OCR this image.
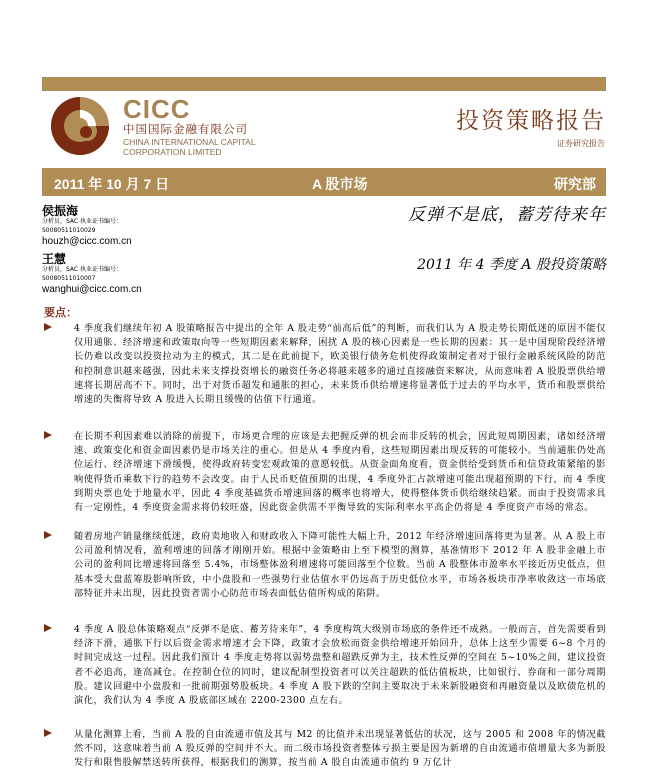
CICC
中国国际金融有限公司
CHINA INTERNATIONAL CAPITAL
CORPORATION LIMITED
投资策略报告
证券研究报告
2011 年 10 月 7 日	A 股市场	研究部
侯振海
分析员，SAC 执业证书编号：
S0080511010029
houzh@cicc.com.cn
王慧
分析员，SAC 执业证书编号：
S0080511010007
wanghui@cicc.com.cn
反弹不是底，蓄芳待来年
2011 年 4 季度 A 股投资策略
要点：
4 季度我们继续年初 A 股策略报告中提出的全年 A 股走势“前高后低”的判断，而我们认为 A 股走势长期低迷的原因不能仅仅用通胀、经济增速和政策取向等一些短期因素来解释，困扰 A 股的核心因素是一些长期的因素：其一是中国现阶段经济增长仍难以改变以投资拉动为主的模式，其二是在此前提下，欧美银行债务危机使得政策制定者对于银行金融系统风险的防范和控制意识越来越强，因此未来支撑投资增长的融资任务必将越来越多的通过直接融资来解决，从而意味着 A 股股票供给增速将长期居高不下。同时，出于对货币超发和通胀的担心，未来货币供给增速将显著低于过去的平均水平，货币和股票供给增速的失衡将导致 A 股进入长期且缓慢的估值下行通道。
在长期不利因素难以消除的前提下，市场更合理的应该是去把握反弹的机会而非反转的机会，因此短周期因素，诸如经济增速、政策变化和资金面因素仍是市场关注的重心。但是从 4 季度内看，这些短期因素出现反转的可能较小。当前通胀仍处高位运行、经济增速下滑缓慢，使得政府转变宏观政策的意愿较低。从资金面角度看，资金供给受到货币和信贷政策紧缩的影响使得货币乘数下行的趋势不会改变。由于人民币贬值预期的出现，4 季度外汇占款增速可能出现超预期的下行，而 4 季度到期央票也处于地量水平，因此 4 季度基础货币增速回落的概率也将增大，使得整体货币供给继续趋紧。而由于投资需求具有一定刚性，4 季度资金需求将仍较旺盛，因此资金供需不平衡导致的实际利率水平高企仍将是 4 季度资产市场的常态。
随着房地产销量继续低迷，政府卖地收入和财政收入下降可能性大幅上升，2012 年经济增速回落将更为显著。从 A 股上市公司盈利情况看，盈利增速的回落才刚刚开始。根据中金策略由上至下模型的测算，基准情形下 2012 年 A 股非金融上市公司的盈利同比增速将回落至 5.4%，市场整体盈利增速将可能回落至个位数。当前 A 股整体市盈率水平接近历史低点，但基本受大盘蓝筹股影响所致，中小盘股和一些强势行业估值水平仍远高于历史低位水平，市场各板块市净率收敛这一市场底部特征并未出现，因此投资者需小心防范市场表面低估值所构成的陷阱。
4 季度 A 股总体策略观点“反弹不是底、蓄芳待来年”，4 季度构筑大级别市场底的条件还不成熟。一般而言，首先需要看到经济下滑，通胀下行以后资金需求增速才会下降，政策才会放松而资金供给增速开始回升，总体上这至少需要 6~8 个月的时间完成这一过程。因此我们预计 4 季度走势将以弱势盘整和超跌反弹为主，技术性反弹的空间在 5~10%之间，建议投资者不必追高，逢高减仓。在控制仓位的同时，建议配制型投资者可以关注超跌的低估值板块，比如银行、券商和一部分周期股。建议回避中小盘股和一批前期强势股板块。4 季度 A 股下跌的空间主要取决于未来新股融资和再融资量以及欧债危机的演化，我们认为 4 季度 A 股底部区域在 2200-2300 点左右。
从量化测算上看，当前 A 股的自由流通市值及其与 M2 的比值并未出现显著低估的状况，这与 2005 和 2008 年的情况截然不同，这意味着当前 A 股反弹的空间并不大。而二级市场投资者整体亏损主要是因为新增的自由流通市值增量大多为新股发行和限售股解禁送转所获得，根据我们的测算，按当前 A 股自由流通市值约 9 万亿计
